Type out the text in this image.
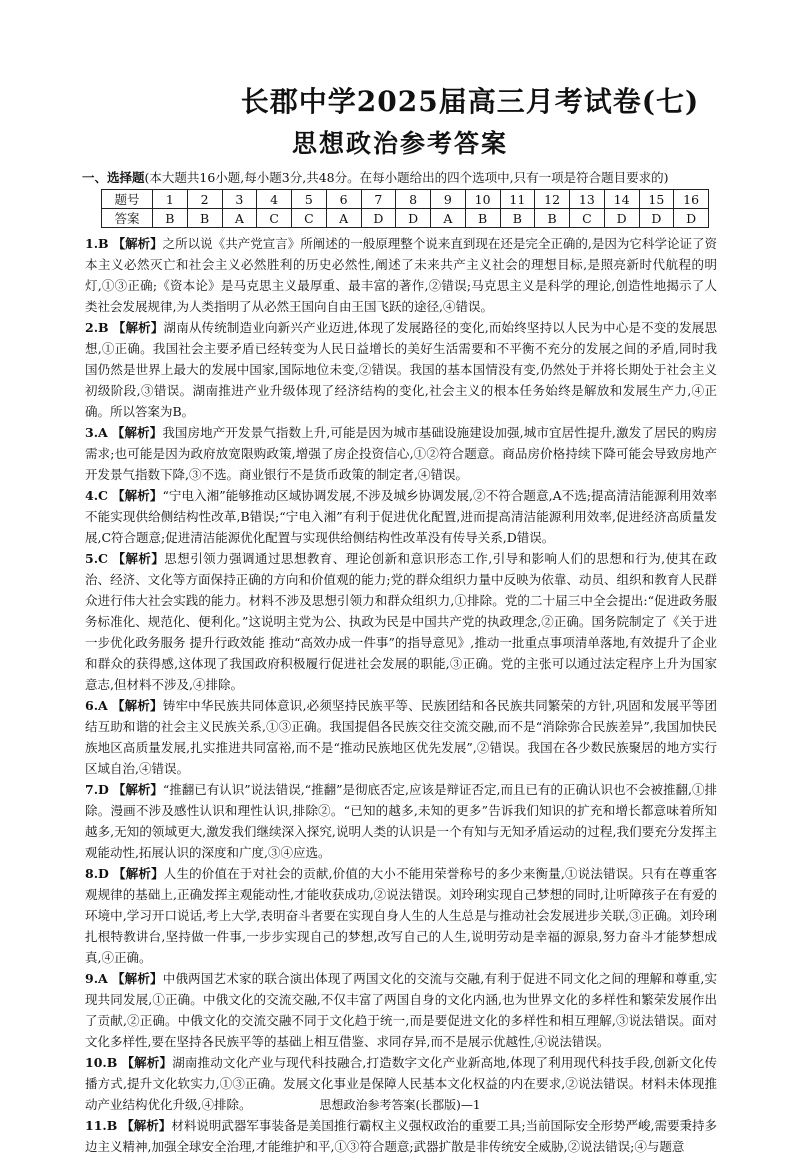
长郡中学2025届高三月考试卷(七)
思想政治参考答案
一、选择题(本大题共16小题,每小题3分,共48分。在每小题给出的四个选项中,只有一项是符合题目要求的)
题号	1	2	3	4	5	6	7	8	9	10	11	12	13	14	15	16
答案	B	B	A	C	C	A	D	D	A	B	B	B	C	D	D	D

1.B 【解析】之所以说《共产党宣言》所阐述的一般原理整个说来直到现在还是完全正确的,是因为它科学论证了资本主义必然灭亡和社会主义必然胜利的历史必然性,阐述了未来共产主义社会的理想目标,是照亮新时代航程的明灯,①③正确;《资本论》是马克思主义最厚重、最丰富的著作,②错误;马克思主义是科学的理论,创造性地揭示了人类社会发展规律,为人类指明了从必然王国向自由王国飞跃的途径,④错误。

2.B 【解析】湖南从传统制造业向新兴产业迈进,体现了发展路径的变化,而始终坚持以人民为中心是不变的发展思想,①正确。我国社会主要矛盾已经转变为人民日益增长的美好生活需要和不平衡不充分的发展之间的矛盾,同时我国仍然是世界上最大的发展中国家,国际地位未变,②错误。我国的基本国情没有变,仍然处于并将长期处于社会主义初级阶段,③错误。湖南推进产业升级体现了经济结构的变化,社会主义的根本任务始终是解放和发展生产力,④正确。所以答案为B。

3.A 【解析】我国房地产开发景气指数上升,可能是因为城市基础设施建设加强,城市宜居性提升,激发了居民的购房需求;也可能是因为政府放宽限购政策,增强了房企投资信心,①②符合题意。商品房价格持续下降可能会导致房地产开发景气指数下降,③不选。商业银行不是货币政策的制定者,④错误。

4.C 【解析】“宁电入湘”能够推动区域协调发展,不涉及城乡协调发展,②不符合题意,A不选;提高清洁能源利用效率不能实现供给侧结构性改革,B错误;“宁电入湘”有利于促进优化配置,进而提高清洁能源利用效率,促进经济高质量发展,C符合题意;促进清洁能源优化配置与实现供给侧结构性改革没有传导关系,D错误。

5.C 【解析】思想引领力强调通过思想教育、理论创新和意识形态工作,引导和影响人们的思想和行为,使其在政治、经济、文化等方面保持正确的方向和价值观的能力;党的群众组织力量中反映为依靠、动员、组织和教育人民群众进行伟大社会实践的能力。材料不涉及思想引领力和群众组织力,①排除。党的二十届三中全会提出:“促进政务服务标准化、规范化、便利化。”这说明主党为公、执政为民是中国共产党的执政理念,②正确。国务院制定了《关于进一步优化政务服务 提升行政效能 推动“高效办成一件事”的指导意见》,推动一批重点事项清单落地,有效提升了企业和群众的获得感,这体现了我国政府积极履行促进社会发展的职能,③正确。党的主张可以通过法定程序上升为国家意志,但材料不涉及,④排除。

6.A 【解析】铸牢中华民族共同体意识,必须坚持民族平等、民族团结和各民族共同繁荣的方针,巩固和发展平等团结互助和谐的社会主义民族关系,①③正确。我国提倡各民族交往交流交融,而不是“消除弥合民族差异”,我国加快民族地区高质量发展,扎实推进共同富裕,而不是“推动民族地区优先发展”,②错误。我国在各少数民族聚居的地方实行区域自治,④错误。

7.D 【解析】“推翻已有认识”说法错误,“推翻”是彻底否定,应该是辩证否定,而且已有的正确认识也不会被推翻,①排除。漫画不涉及感性认识和理性认识,排除②。“已知的越多,未知的更多”告诉我们知识的扩充和增长都意味着所知越多,无知的领域更大,激发我们继续深入探究,说明人类的认识是一个有知与无知矛盾运动的过程,我们要充分发挥主观能动性,拓展认识的深度和广度,③④应选。

8.D 【解析】人生的价值在于对社会的贡献,价值的大小不能用荣誉称号的多少来衡量,①说法错误。只有在尊重客观规律的基础上,正确发挥主观能动性,才能收获成功,②说法错误。刘玲琍实现自己梦想的同时,让听障孩子在有爱的环境中,学习开口说话,考上大学,表明奋斗者要在实现自身人生的人生总是与推动社会发展进步关联,③正确。刘玲琍扎根特教讲台,坚持做一件事,一步步实现自己的梦想,改写自己的人生,说明劳动是幸福的源泉,努力奋斗才能梦想成真,④正确。

9.A 【解析】中俄两国艺术家的联合演出体现了两国文化的交流与交融,有利于促进不同文化之间的理解和尊重,实现共同发展,①正确。中俄文化的交流交融,不仅丰富了两国自身的文化内涵,也为世界文化的多样性和繁荣发展作出了贡献,②正确。中俄文化的交流交融不同于文化趋于统一,而是要促进文化的多样性和相互理解,③说法错误。面对文化多样性,要在坚持各民族平等的基础上相互借鉴、求同存异,而不是展示优越性,④说法错误。

10.B 【解析】湖南推动文化产业与现代科技融合,打造数字文化产业新高地,体现了利用现代科技手段,创新文化传播方式,提升文化软实力,①③正确。发展文化事业是保障人民基本文化权益的内在要求,②说法错误。材料未体现推动产业结构优化升级,④排除。

11.B 【解析】材料说明武器军事装备是美国推行霸权主义强权政治的重要工具;当前国际安全形势严峻,需要秉持多边主义精神,加强全球安全治理,才能维护和平,①③符合题意;武器扩散是非传统安全威胁,②说法错误;④与题意

思想政治参考答案(长郡版)—1
